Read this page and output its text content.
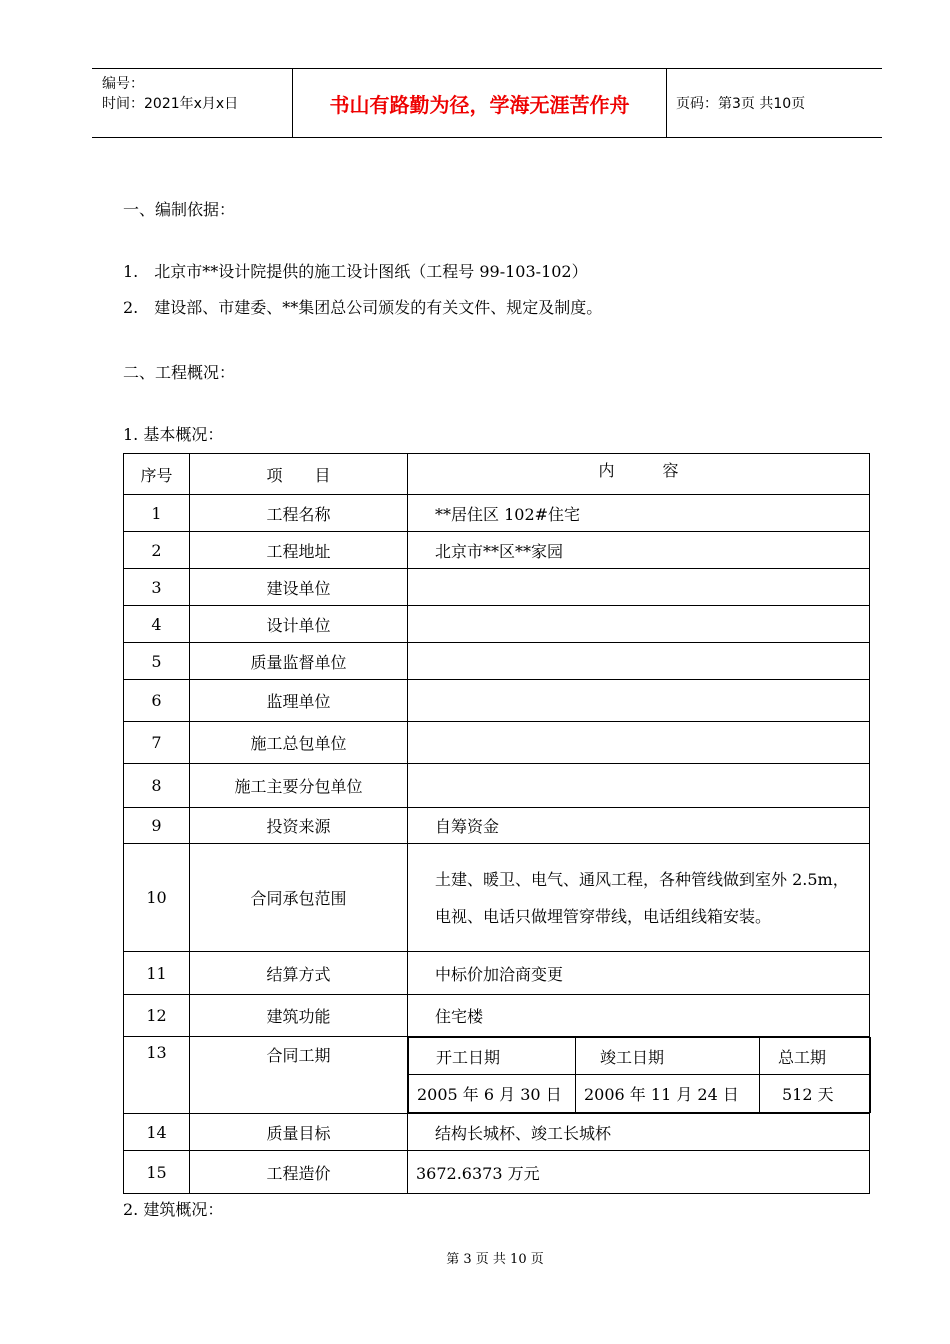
编号：
时间：2021年x月x日	书山有路勤为径，学海无涯苦作舟	页码：第3页 共10页
一、编制依据：
1.　北京市**设计院提供的施工设计图纸（工程号 99-103-102）
2.　建设部、市建委、**集团总公司颁发的有关文件、规定及制度。
二、工程概况：
1. 基本概况：
序号	项　　目	内　　　容
1	工程名称	**居住区 102#住宅
2	工程地址	北京市**区**家园
3	建设单位	
4	设计单位	
5	质量监督单位	
6	监理单位	
7	施工总包单位	
8	施工主要分包单位	
9	投资来源	自筹资金
10	合同承包范围	土建、暖卫、电气、通风工程，各种管线做到室外 2.5m，电视、电话只做埋管穿带线，电话组线箱安装。
11	结算方式	中标价加洽商变更
12	建筑功能	住宅楼
13	合同工期		开工日期	竣工日期	总工期
2005 年 6 月 30 日	2006 年 11 月 24 日	512 天

14	质量目标	结构长城杯、竣工长城杯
15	工程造价	3672.6373 万元
2. 建筑概况：
第 3 页 共 10 页
